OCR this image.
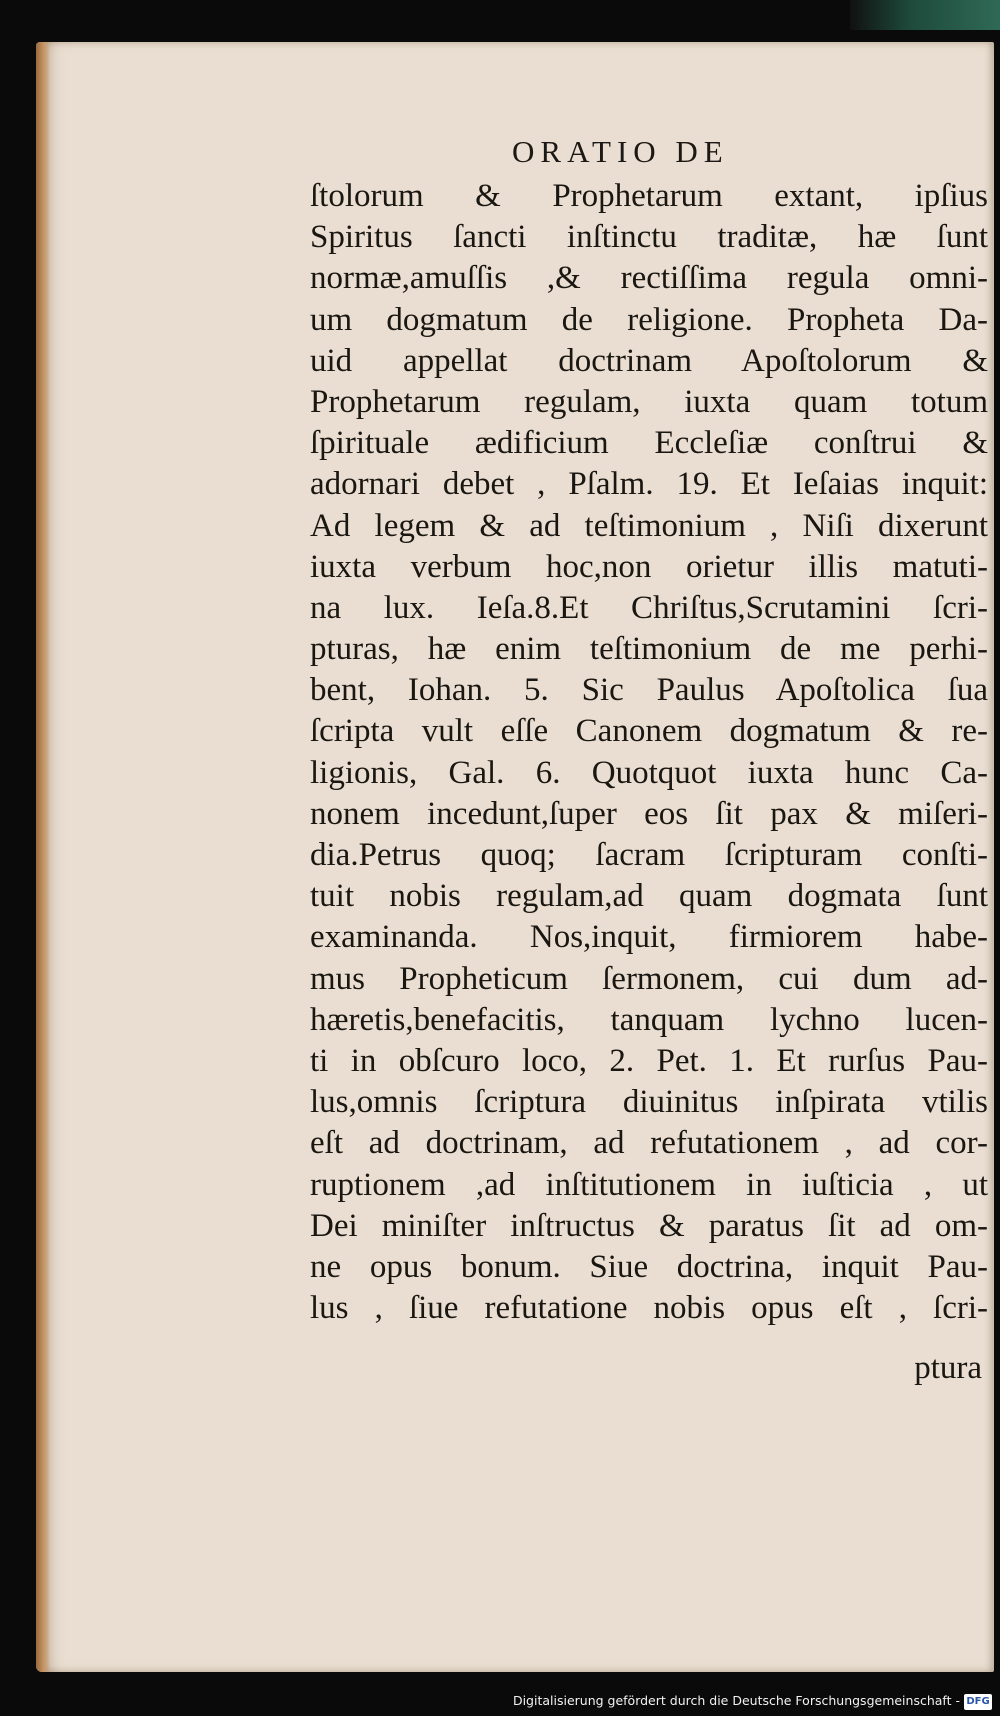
ORATIO DE
ſtolorum & Prophetarum extant, ipſius
Spiritus ſancti inſtinctu traditæ, hæ ſunt
normæ,amuſſis ,& rectiſſima regula omni-
um dogmatum de religione. Propheta Da-
uid appellat doctrinam Apoſtolorum &
Prophetarum regulam, iuxta quam totum
ſpirituale ædificium Eccleſiæ conſtrui &
adornari debet , Pſalm. 19. Et Ieſaias inquit:
Ad legem & ad teſtimonium , Niſi dixerunt
iuxta verbum hoc,non orietur illis matuti-
na lux. Ieſa.8.Et Chriſtus,Scrutamini ſcri-
pturas, hæ enim teſtimonium de me perhi-
bent, Iohan. 5. Sic Paulus Apoſtolica ſua
ſcripta vult eſſe Canonem dogmatum & re-
ligionis, Gal. 6. Quotquot iuxta hunc Ca-
nonem incedunt,ſuper eos ſit pax & miſeri-
dia.Petrus quoq; ſacram ſcripturam conſti-
tuit nobis regulam,ad quam dogmata ſunt
examinanda. Nos,inquit, firmiorem habe-
mus Propheticum ſermonem, cui dum ad-
hæretis,benefacitis, tanquam lychno lucen-
ti in obſcuro loco, 2. Pet. 1. Et rurſus Pau-
lus,omnis ſcriptura diuinitus inſpirata vtilis
eſt ad doctrinam, ad refutationem , ad cor-
ruptionem ,ad inſtitutionem in iuſticia , ut
Dei miniſter inſtructus & paratus ſit ad om-
ne opus bonum. Siue doctrina, inquit Pau-
lus , ſiue refutatione nobis opus eſt , ſcri-
ptura
Digitalisierung gefördert durch die Deutsche Forschungsgemeinschaft - DFG
